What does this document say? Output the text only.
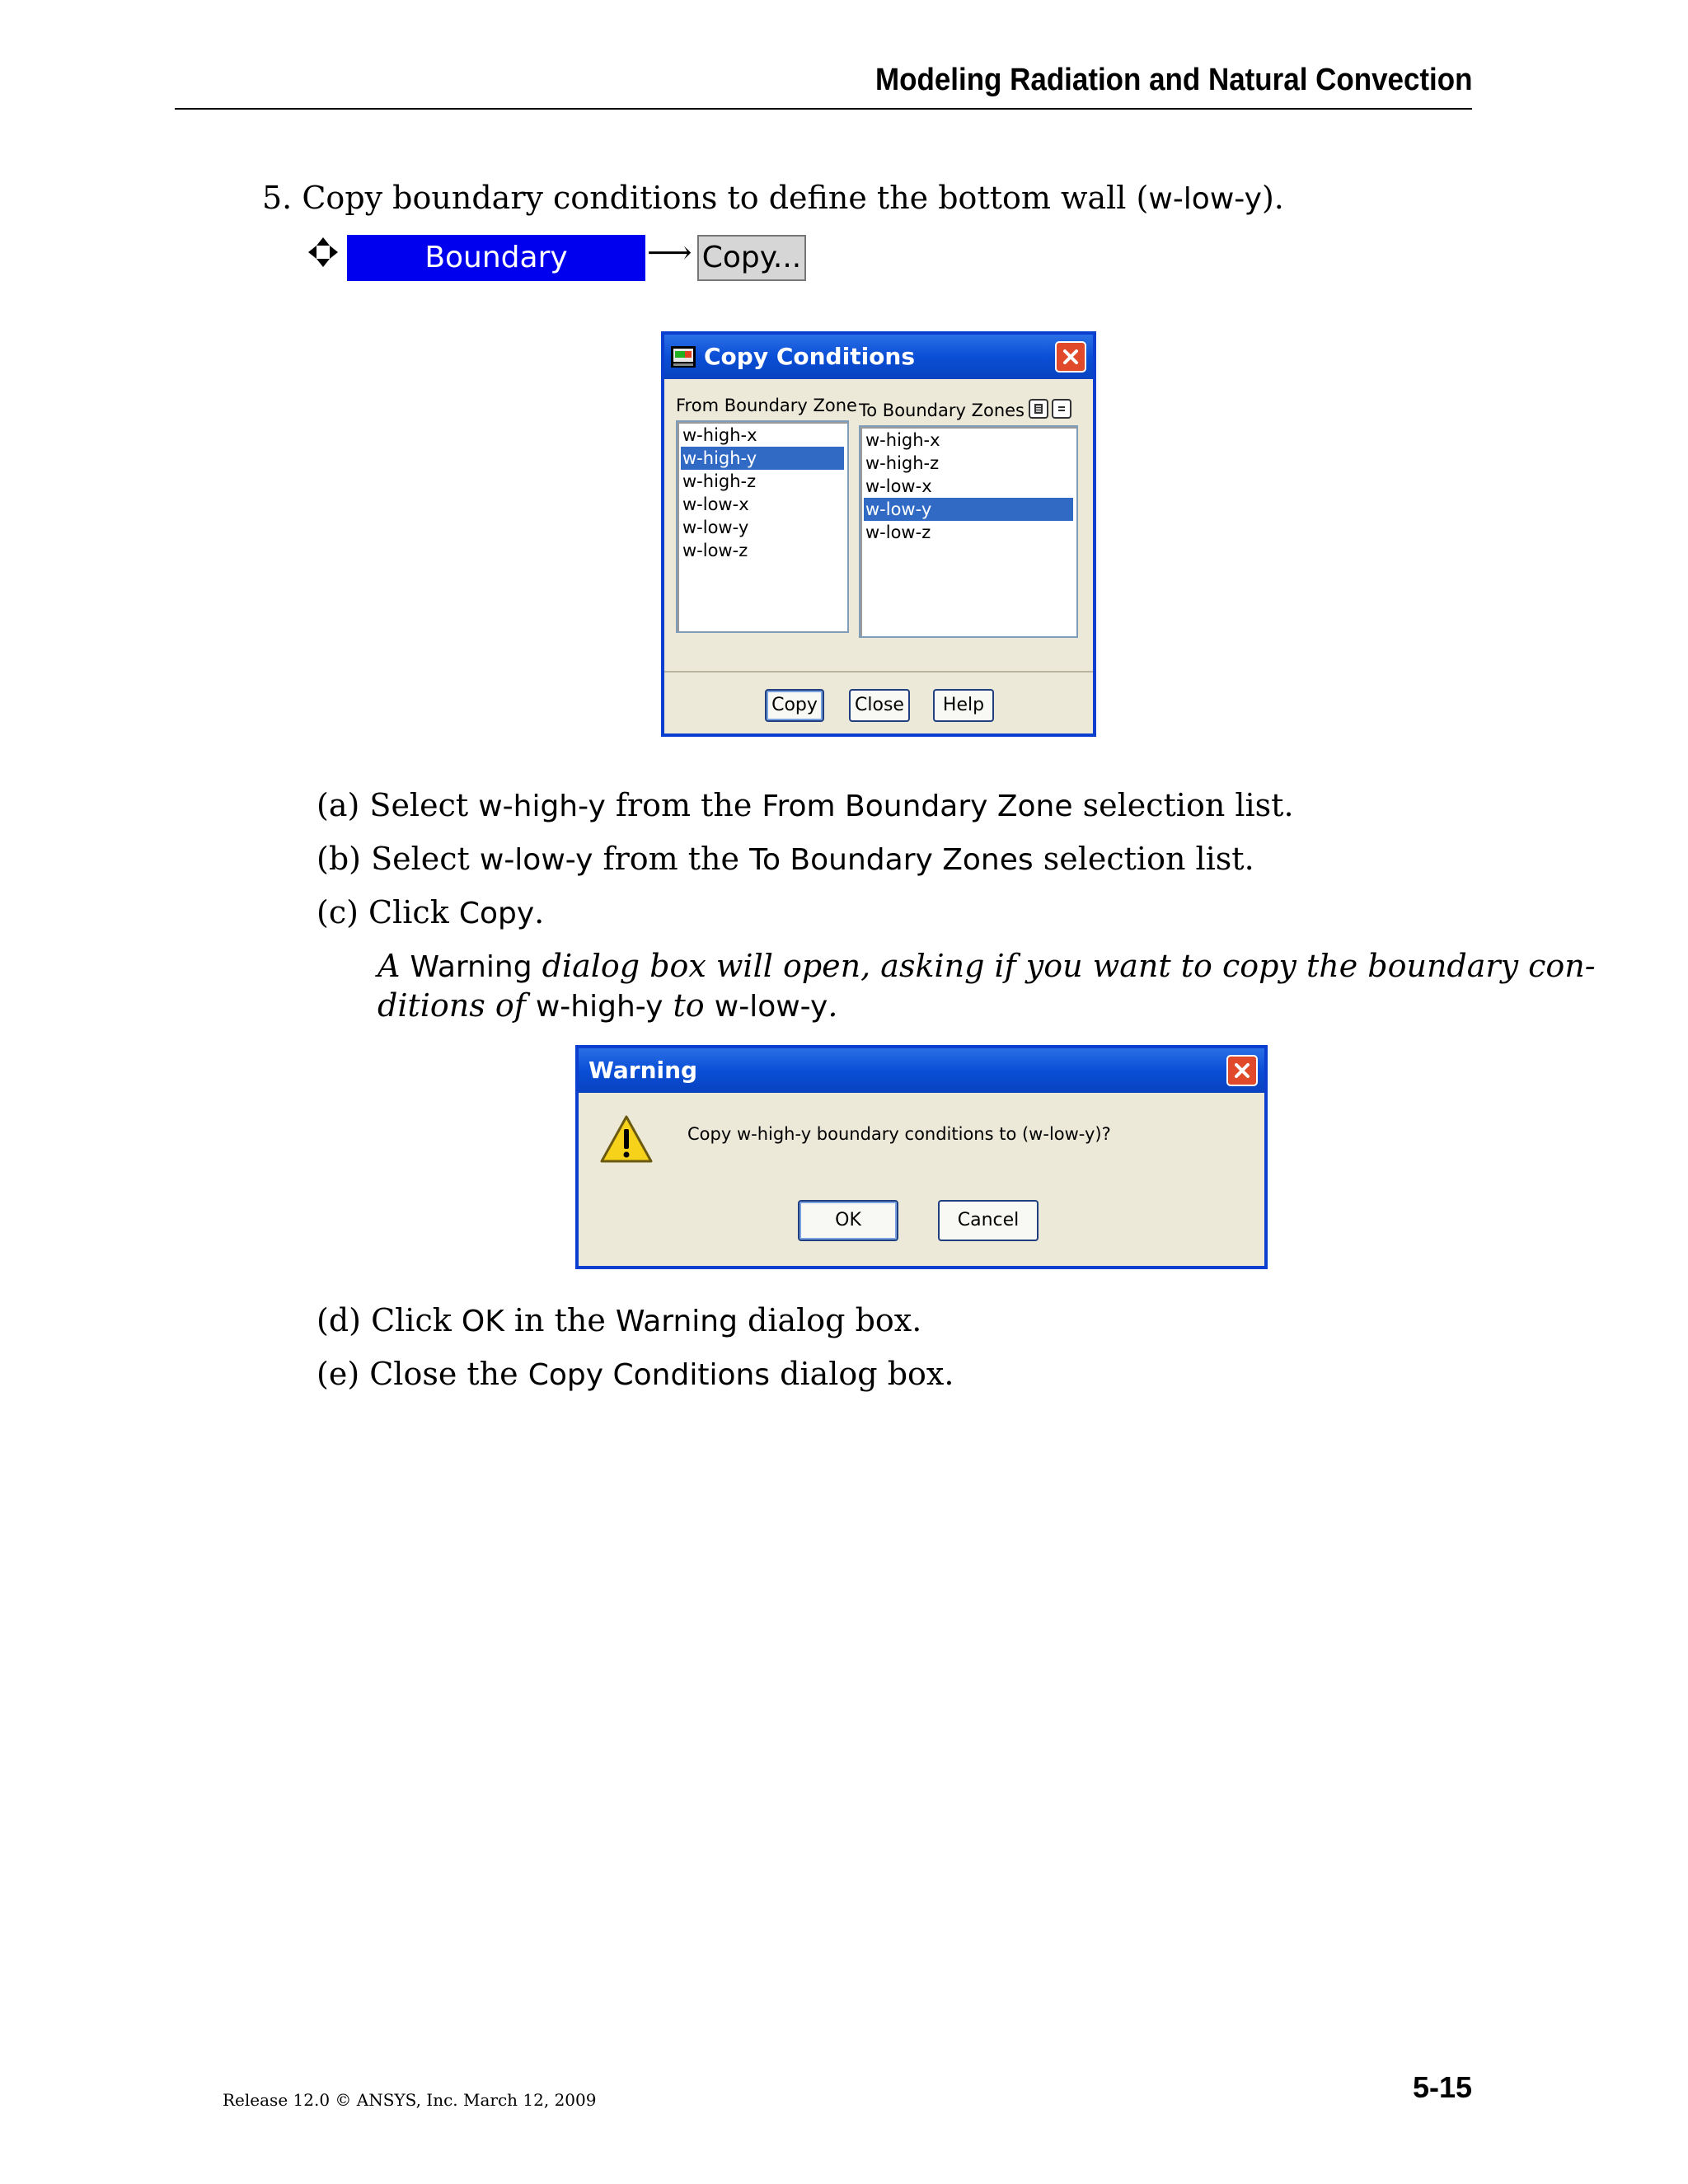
Modeling Radiation and Natural Convection
5. Copy boundary conditions to define the bottom wall (w-low-y).
Boundary Conditions
⟶ Copy...
Copy Conditions
From Boundary Zone To Boundary Zones
w-high-x
w-high-y
w-high-z
w-low-x
w-low-y
w-low-z
w-high-x
w-high-z
w-low-x
w-low-y
w-low-z
Copy	Close	Help
(a) Select w-high-y from the From Boundary Zone selection list.
(b) Select w-low-y from the To Boundary Zones selection list.
(c) Click Copy.
A Warning dialog box will open, asking if you want to copy the boundary con-
ditions of w-high-y to w-low-y.
Warning
Copy w-high-y boundary conditions to (w-low-y)?
OK	Cancel
(d) Click OK in the Warning dialog box.
(e) Close the Copy Conditions dialog box.
Release 12.0 © ANSYS, Inc. March 12, 2009	5-15
